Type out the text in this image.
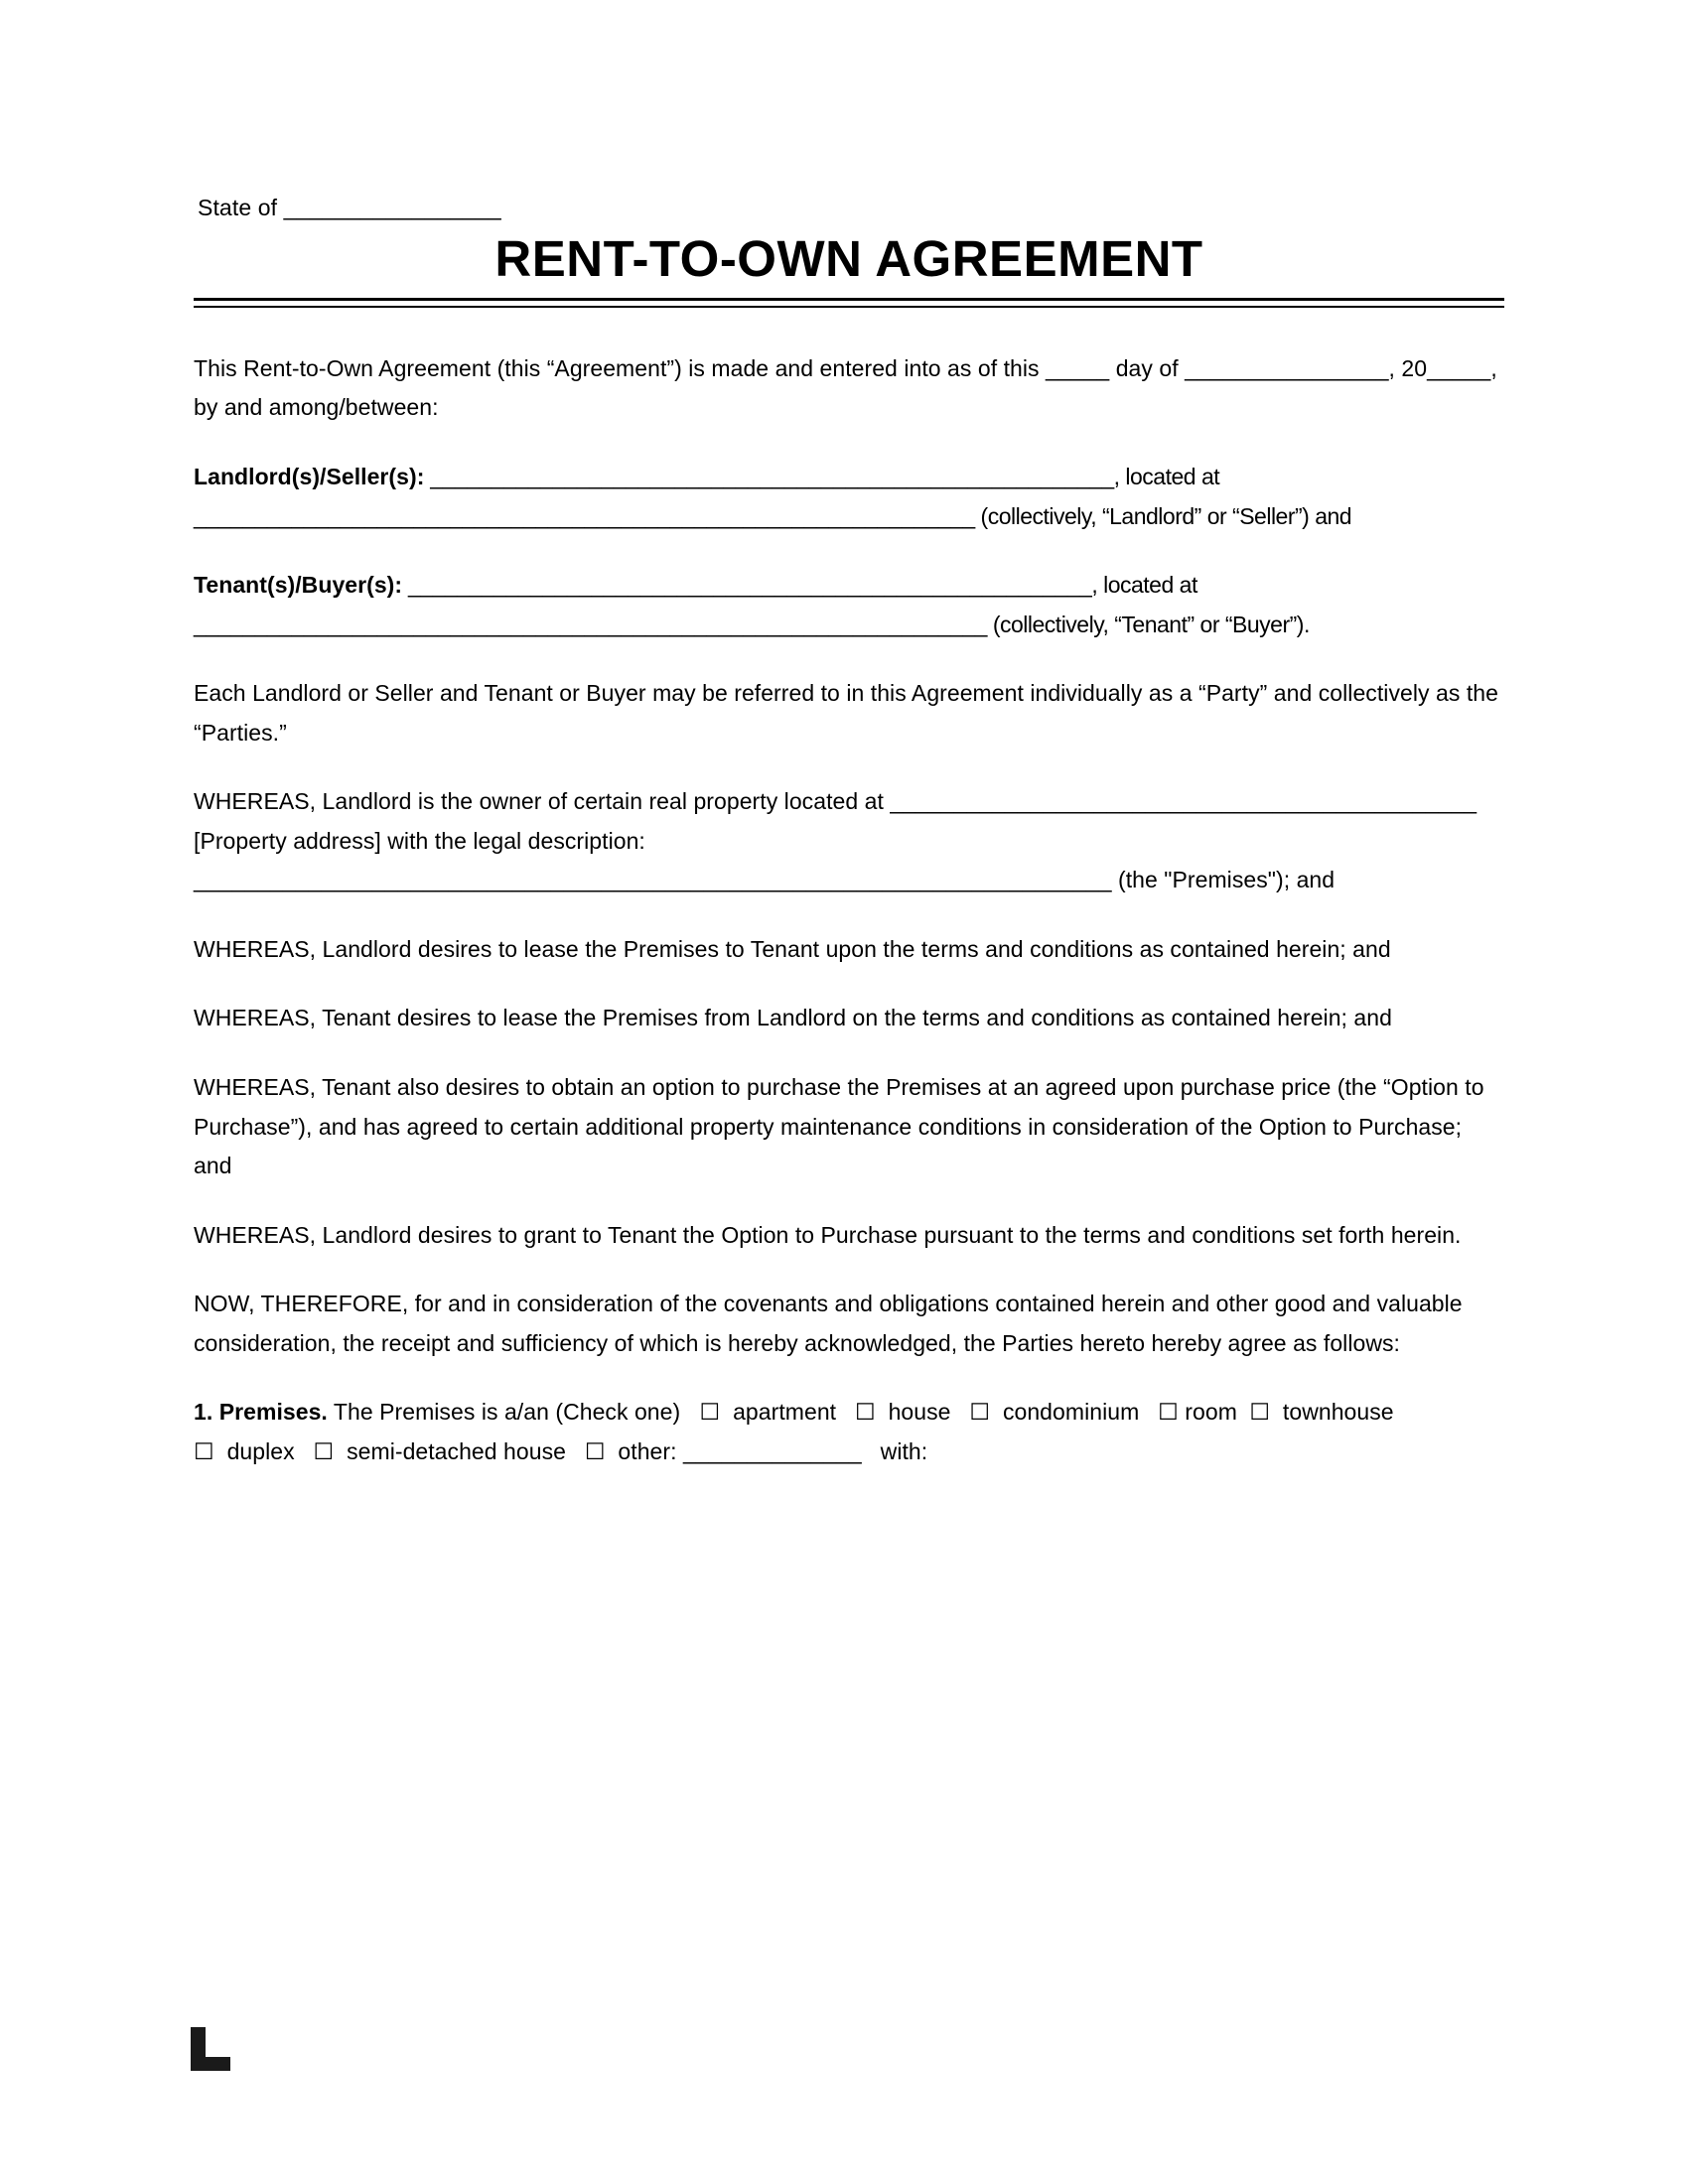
State of _________________
RENT-TO-OWN AGREEMENT

This Rent-to-Own Agreement (this “Agreement”) is made and entered into as of this _____ day of ________________, 20_____, by and among/between:

Landlord(s)/Seller(s): ________________________________________________________, located at ________________________________________________________________ (collectively, “Landlord” or “Seller”) and

Tenant(s)/Buyer(s): ________________________________________________________, located at _________________________________________________________________ (collectively, “Tenant” or “Buyer”).

Each Landlord or Seller and Tenant or Buyer may be referred to in this Agreement individually as a “Party” and collectively as the “Parties.”

WHEREAS, Landlord is the owner of certain real property located at ______________________________________________ [Property address] with the legal description: ________________________________________________________________________ (the "Premises"); and

WHEREAS, Landlord desires to lease the Premises to Tenant upon the terms and conditions as contained herein; and

WHEREAS, Tenant desires to lease the Premises from Landlord on the terms and conditions as contained herein; and

WHEREAS, Tenant also desires to obtain an option to purchase the Premises at an agreed upon purchase price (the “Option to Purchase”), and has agreed to certain additional property maintenance conditions in consideration of the Option to Purchase; and

WHEREAS, Landlord desires to grant to Tenant the Option to Purchase pursuant to the terms and conditions set forth herein.

NOW, THEREFORE, for and in consideration of the covenants and obligations contained herein and other good and valuable consideration, the receipt and sufficiency of which is hereby acknowledged, the Parties hereto hereby agree as follows:

1. Premises. The Premises is a/an (Check one) ☐ apartment ☐ house ☐ condominium ☐ room ☐ townhouse  ☐ duplex ☐ semi-detached house ☐ other: ______________ with:
